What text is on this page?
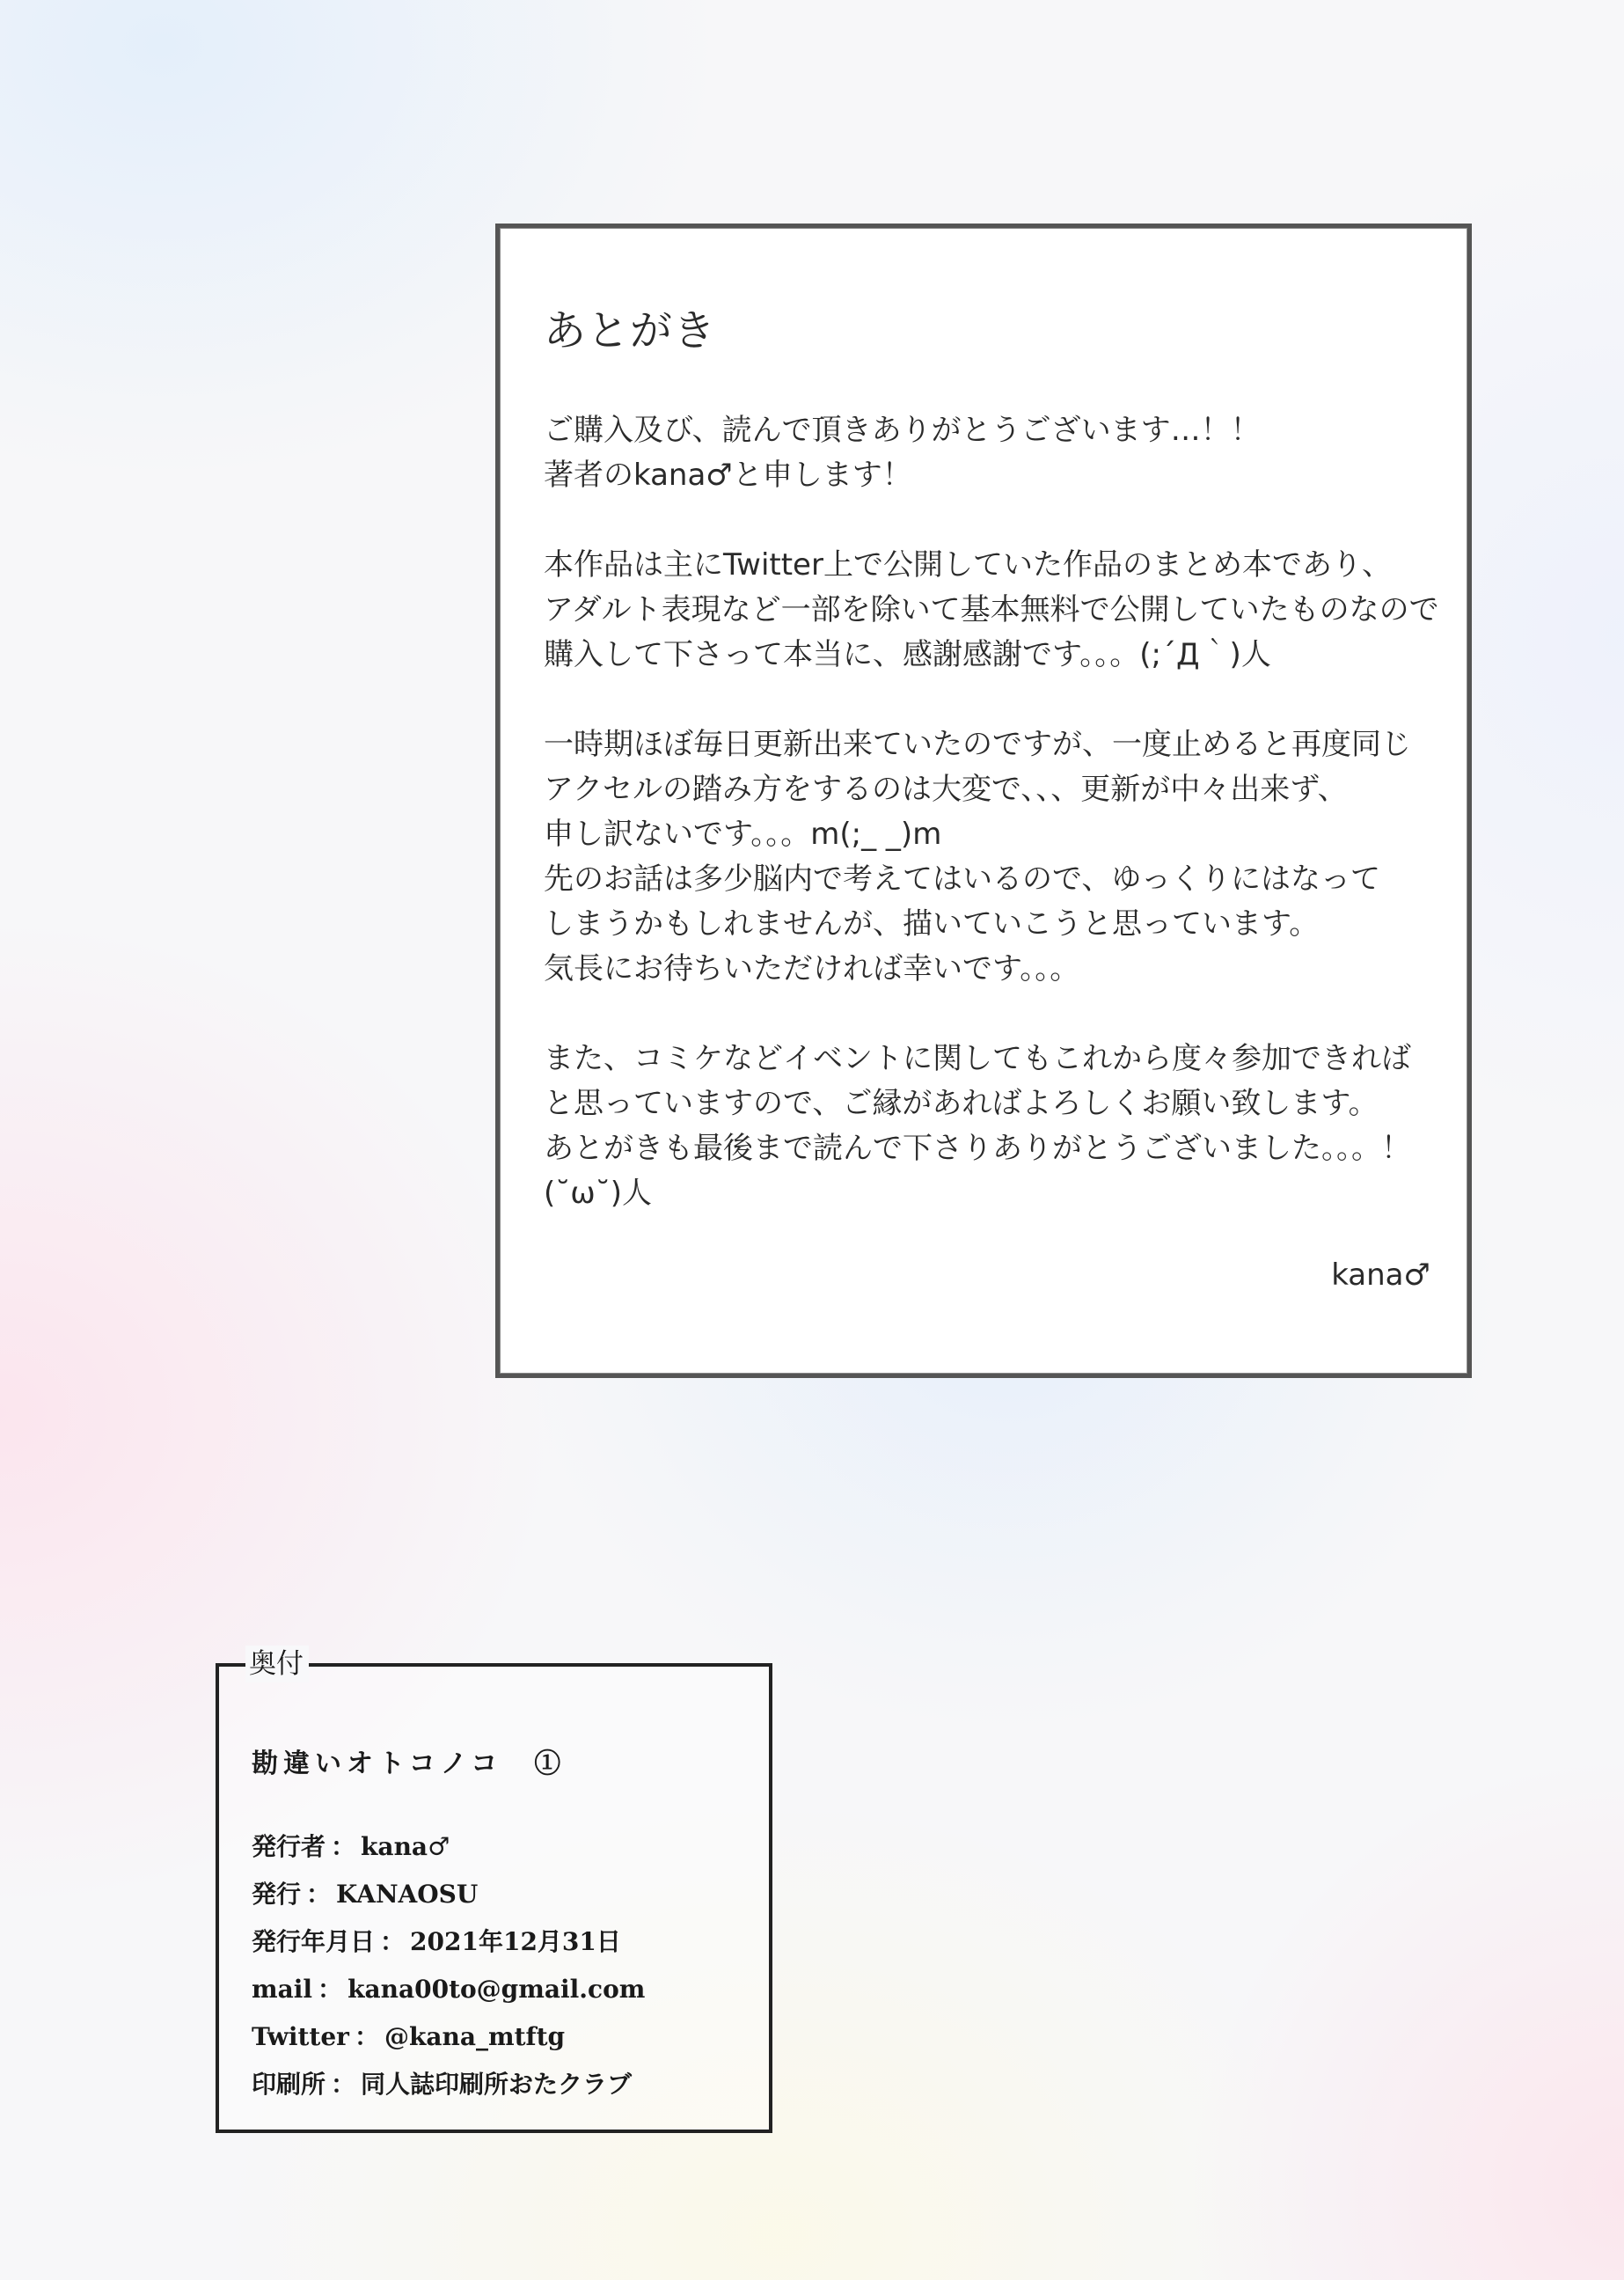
あとがき
ご購入及び、読んで頂きありがとうございます…！！
著者のkana♂と申します！
本作品は主にTwitter上で公開していた作品のまとめ本であり、
アダルト表現など一部を除いて基本無料で公開していたものなので
購入して下さって本当に、感謝感謝です。。。(;´Д｀)人
一時期ほぼ毎日更新出来ていたのですが、一度止めると再度同じ
アクセルの踏み方をするのは大変で、、、更新が中々出来ず、
申し訳ないです。。。m(;_ _)m
先のお話は多少脳内で考えてはいるので、ゆっくりにはなって
しまうかもしれませんが、描いていこうと思っています。
気長にお待ちいただければ幸いです。。。
また、コミケなどイベントに関してもこれから度々参加できれば
と思っていますので、ご縁があればよろしくお願い致します。
あとがきも最後まで読んで下さりありがとうございました。。。！
(˘ω˘)人
kana♂
奥付
勘違いオトコノコ　①
発行者 ： kana♂
発行 ： KANAOSU
発行年月日 ： 2021年12月31日
mail ： kana00to@gmail.com
Twitter ： @kana_mtftg
印刷所 ： 同人誌印刷所おたクラブ
